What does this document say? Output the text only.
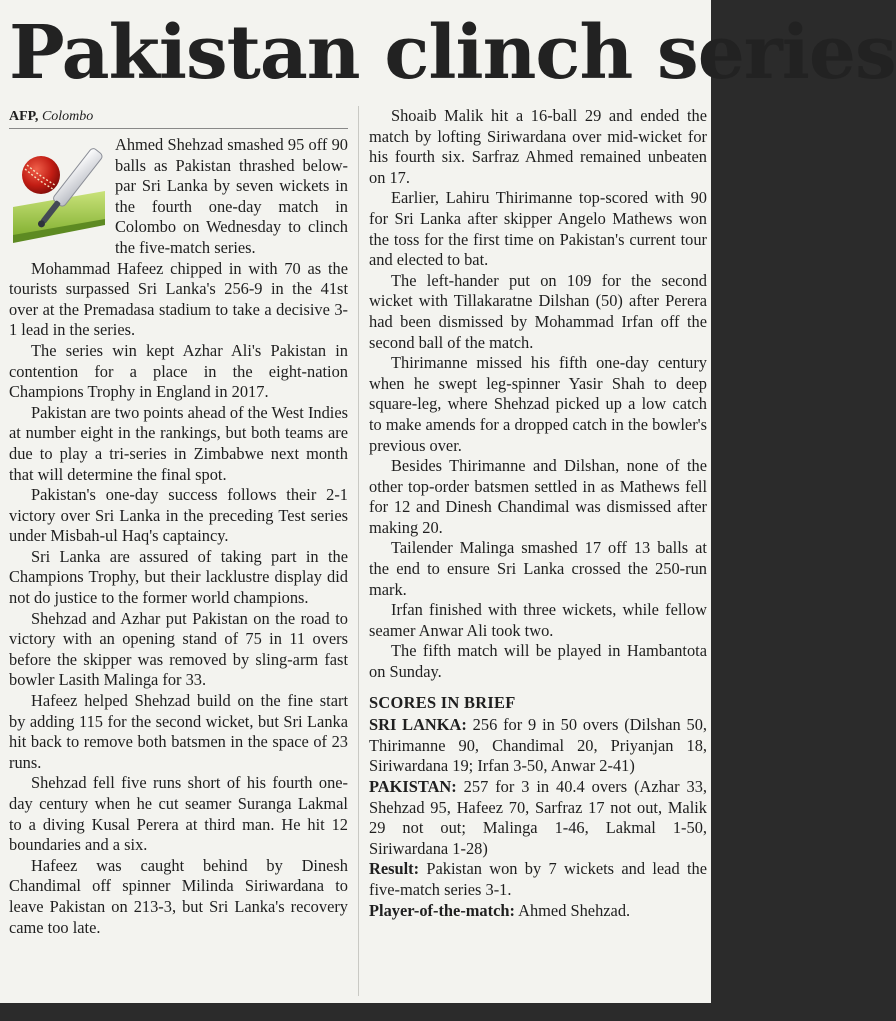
Pakistan clinch series
AFP, Colombo

Ahmed Shehzad smashed 95 off 90 balls as Pakistan thrashed below-par Sri Lanka by seven wickets in the fourth one-day match in Colombo on Wednesday to clinch the five-match series.

Mohammad Hafeez chipped in with 70 as the tourists surpassed Sri Lanka's 256-9 in the 41st over at the Premadasa stadium to take a decisive 3-1 lead in the series.

The series win kept Azhar Ali's Pakistan in contention for a place in the eight-nation Champions Trophy in England in 2017.

Pakistan are two points ahead of the West Indies at number eight in the rankings, but both teams are due to play a tri-series in Zimbabwe next month that will determine the final spot.

Pakistan's one-day success follows their 2-1 victory over Sri Lanka in the preceding Test series under Misbah-ul Haq's captaincy.

Sri Lanka are assured of taking part in the Champions Trophy, but their lacklustre display did not do justice to the former world champions.

Shehzad and Azhar put Pakistan on the road to victory with an opening stand of 75 in 11 overs before the skipper was removed by sling-arm fast bowler Lasith Malinga for 33.

Hafeez helped Shehzad build on the fine start by adding 115 for the second wicket, but Sri Lanka hit back to remove both batsmen in the space of 23 runs.

Shehzad fell five runs short of his fourth one-day century when he cut seamer Suranga Lakmal to a diving Kusal Perera at third man. He hit 12 boundaries and a six.

Hafeez was caught behind by Dinesh Chandimal off spinner Milinda Siriwardana to leave Pakistan on 213-3, but Sri Lanka's recovery came too late.

Shoaib Malik hit a 16-ball 29 and ended the match by lofting Siriwardana over mid-wicket for his fourth six. Sarfraz Ahmed remained unbeaten on 17.

Earlier, Lahiru Thirimanne top-scored with 90 for Sri Lanka after skipper Angelo Mathews won the toss for the first time on Pakistan's current tour and elected to bat.

The left-hander put on 109 for the second wicket with Tillakaratne Dilshan (50) after Perera had been dismissed by Mohammad Irfan off the second ball of the match.

Thirimanne missed his fifth one-day century when he swept leg-spinner Yasir Shah to deep square-leg, where Shehzad picked up a low catch to make amends for a dropped catch in the bowler's previous over.

Besides Thirimanne and Dilshan, none of the other top-order batsmen settled in as Mathews fell for 12 and Dinesh Chandimal was dismissed after making 20.

Tailender Malinga smashed 17 off 13 balls at the end to ensure Sri Lanka crossed the 250-run mark.

Irfan finished with three wickets, while fellow seamer Anwar Ali took two.

The fifth match will be played in Hambantota on Sunday.

SCORES IN BRIEF

SRI LANKA: 256 for 9 in 50 overs (Dilshan 50, Thirimanne 90, Chandimal 20, Priyanjan 18, Siriwardana 19; Irfan 3-50, Anwar 2-41)

PAKISTAN: 257 for 3 in 40.4 overs (Azhar 33, Shehzad 95, Hafeez 70, Sarfraz 17 not out, Malik 29 not out; Malinga 1-46, Lakmal 1-50, Siriwardana 1-28)

Result: Pakistan won by 7 wickets and lead the five-match series 3-1.

Player-of-the-match: Ahmed Shehzad.
